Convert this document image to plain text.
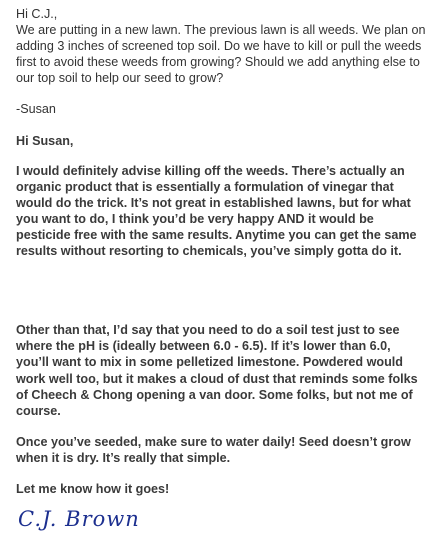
Hi C.J.,
We are putting in a new lawn. The previous lawn is all weeds. We plan on adding 3 inches of screened top soil. Do we have to kill or pull the weeds first to avoid these weeds from growing? Should we add anything else to our top soil to help our seed to grow?
-Susan
Hi Susan,
I would definitely advise killing off the weeds. There’s actually an organic product that is essentially a formulation of vinegar that would do the trick. It’s not great in established lawns, but for what you want to do, I think you’d be very happy AND it would be pesticide free with the same results. Anytime you can get the same results without resorting to chemicals, you’ve simply gotta do it.
Other than that, I’d say that you need to do a soil test just to see where the pH is (ideally between 6.0 - 6.5). If it’s lower than 6.0, you’ll want to mix in some pelletized limestone. Powdered would work well too, but it makes a cloud of dust that reminds some folks of Cheech & Chong opening a van door. Some folks, but not me of course.
Once you’ve seeded, make sure to water daily! Seed doesn’t grow when it is dry. It’s really that simple.
Let me know how it goes!
C.J. Brown
